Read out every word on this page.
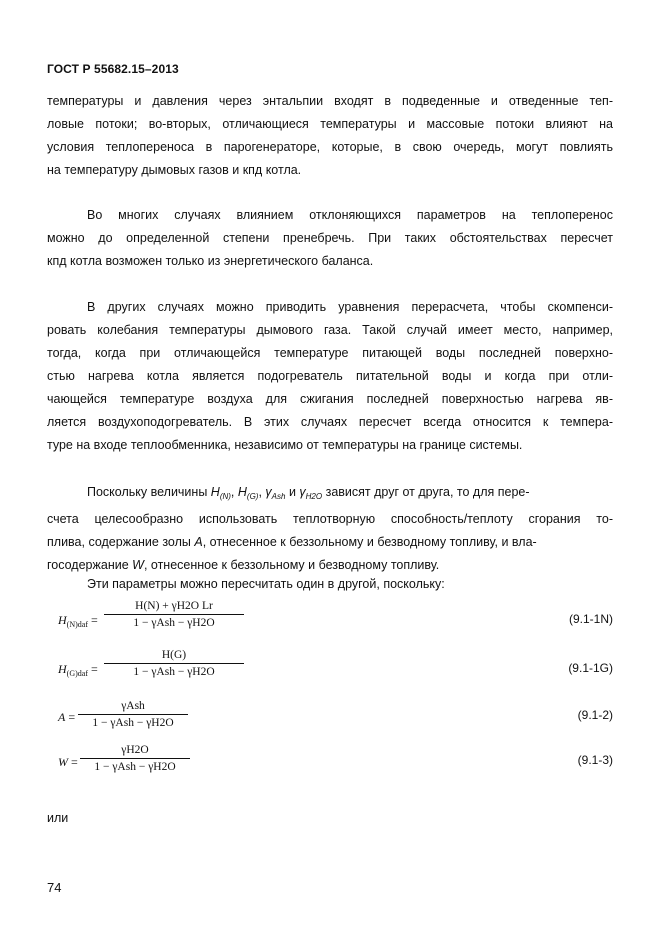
ГОСТ Р 55682.15–2013
температуры и давления через энтальпии входят в подведенные и отведенные теп-
ловые потоки; во-вторых, отличающиеся температуры и массовые потоки влияют на
условия теплопереноса в парогенераторе, которые, в свою очередь, могут повлиять
на температуру дымовых газов и кпд котла.
Во многих случаях влиянием отклоняющихся параметров на теплоперенос
можно до определенной степени пренебречь. При таких обстоятельствах пересчет
кпд котла возможен только из энергетического баланса.
В других случаях можно приводить уравнения перерасчета, чтобы скомпенси-
ровать колебания температуры дымового газа. Такой случай имеет место, например,
тогда, когда при отличающейся температуре питающей воды последней поверхно-
стью нагрева котла является подогреватель питательной воды и когда при отли-
чающейся температуре воздуха для сжигания последней поверхностью нагрева яв-
ляется воздухоподогреватель. В этих случаях пересчет всегда относится к темпера-
туре на входе теплообменника, независимо от температуры на границе системы.
Поскольку величины $H_{(N)}$, $H_{(G)}$, $\gamma_{Ash}$ и $\gamma_{H2O}$ зависят друг от друга, то для пере-
счета целесообразно использовать теплотворную способность/теплоту сгорания то-
плива, содержание золы A, отнесенное к беззольному и безводному топливу, и вла-
госодержание W, отнесенное к беззольному и безводному топливу.
Эти параметры можно пересчитать один в другой, поскольку:
$H_{(N)daf}$ =
H(N) + γH2O Lr
1 − γAsh − γH2O	(9.1-1N)
$H_{(G)daf}$ =
H(G)
1 − γAsh − γH2O	(9.1-1G)
A =
γAsh
1 − γAsh − γH2O
(9.1-2)
W =
γH2O
1 − γAsh − γH2O	(9.1-3)
или
74
